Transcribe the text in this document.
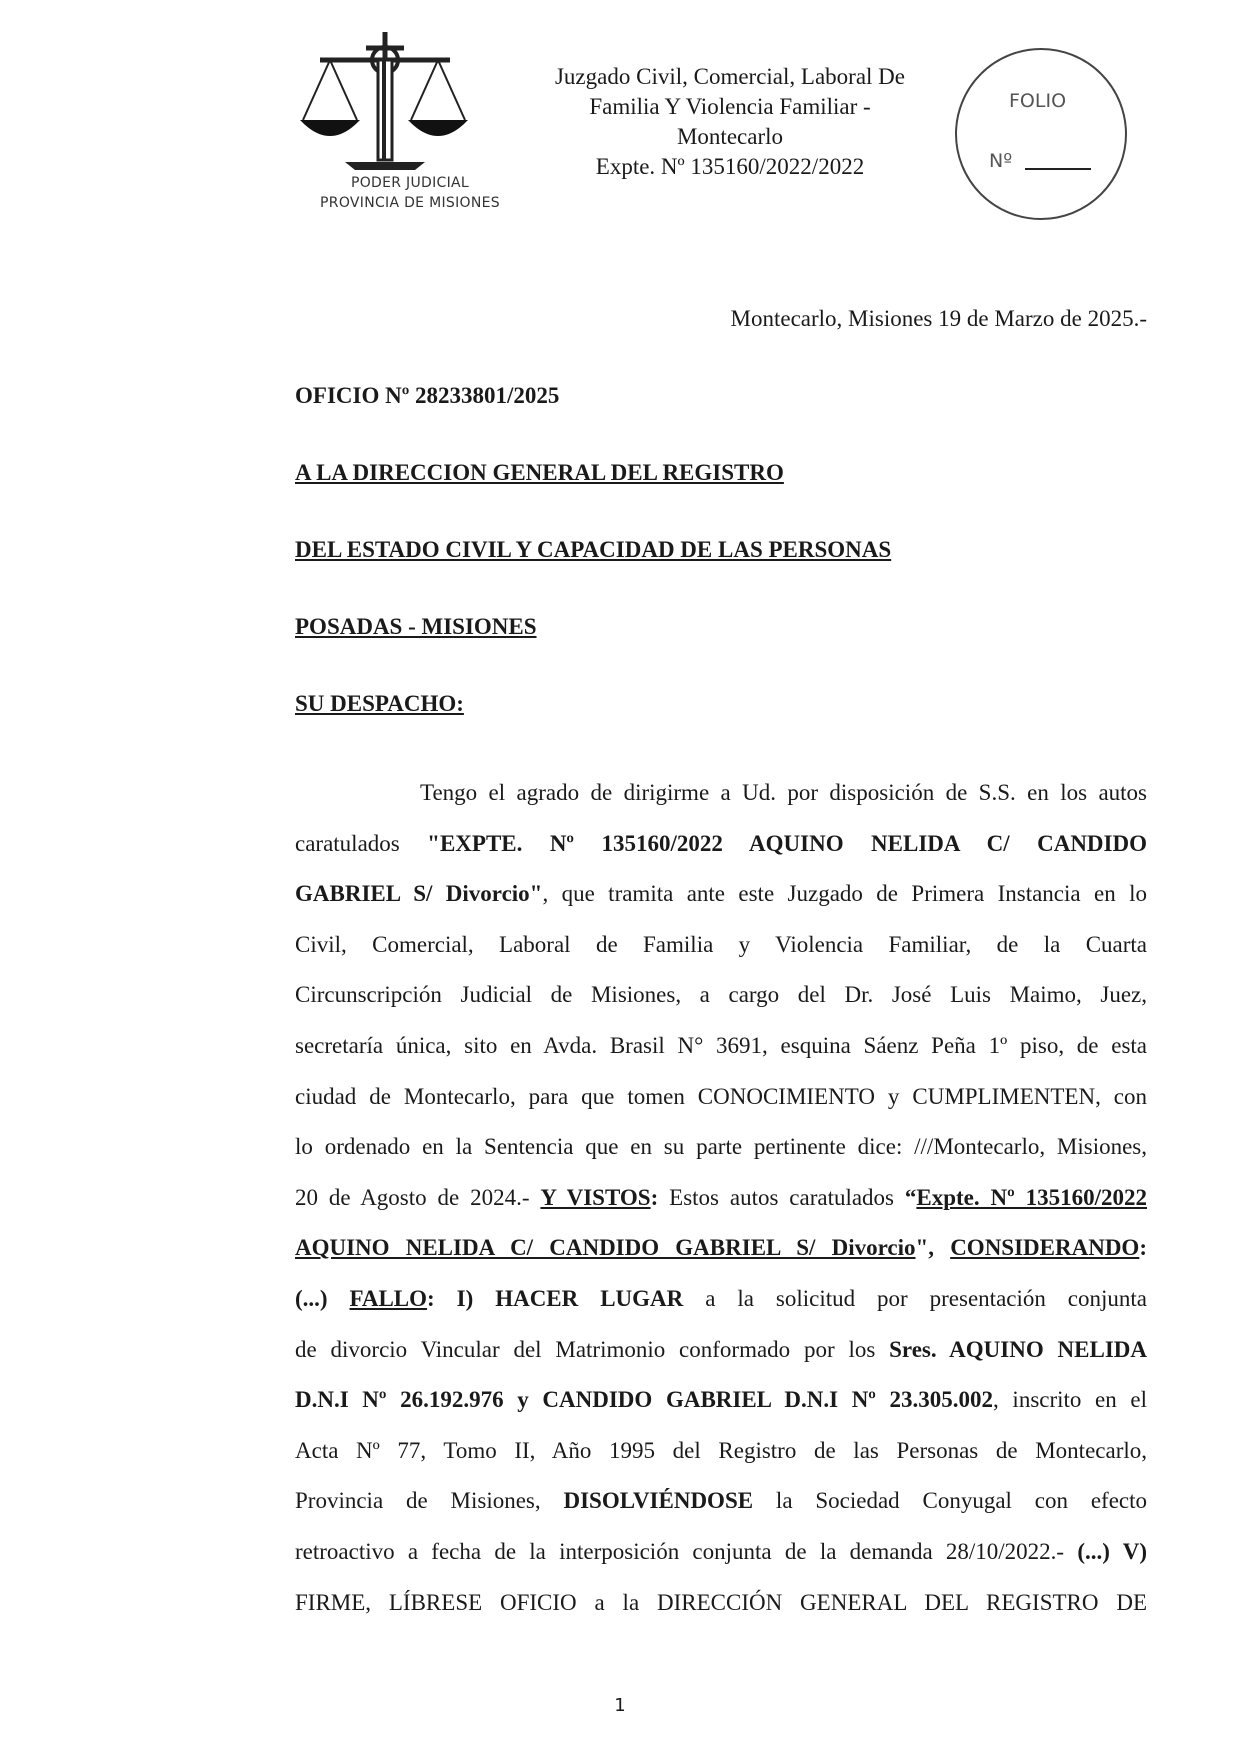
PODER JUDICIAL
PROVINCIA DE MISIONES
Juzgado Civil, Comercial, Laboral De
Familia Y Violencia Familiar -
Montecarlo
Expte. Nº 135160/2022/2022
FOLIO
Nº
Montecarlo, Misiones 19 de Marzo de 2025.-
OFICIO Nº 28233801/2025
A LA DIRECCION GENERAL DEL REGISTRO
DEL ESTADO CIVIL Y CAPACIDAD DE LAS PERSONAS
POSADAS - MISIONES
SU DESPACHO:
Tengo el agrado de dirigirme a Ud. por disposición de S.S. en los autos
caratulados "EXPTE. Nº 135160/2022 AQUINO NELIDA C/ CANDIDO
GABRIEL S/ Divorcio", que tramita ante este Juzgado de Primera Instancia en lo
Civil, Comercial, Laboral de Familia y Violencia Familiar, de la Cuarta
Circunscripción Judicial de Misiones, a cargo del Dr. José Luis Maimo, Juez,
secretaría única, sito en Avda. Brasil N° 3691, esquina Sáenz Peña 1º piso, de esta
ciudad de Montecarlo, para que tomen CONOCIMIENTO y CUMPLIMENTEN, con
lo ordenado en la Sentencia que en su parte pertinente dice: ///Montecarlo, Misiones,
20 de Agosto de 2024.- Y VISTOS: Estos autos caratulados “Expte. Nº 135160/2022
AQUINO NELIDA C/ CANDIDO GABRIEL S/ Divorcio", CONSIDERANDO:
(...) FALLO: I) HACER LUGAR a la solicitud por presentación conjunta
de divorcio Vincular del Matrimonio conformado por los Sres. AQUINO NELIDA
D.N.I Nº 26.192.976 y CANDIDO GABRIEL D.N.I Nº 23.305.002, inscrito en el
Acta Nº 77, Tomo II, Año 1995 del Registro de las Personas de Montecarlo,
Provincia de Misiones, DISOLVIÉNDOSE la Sociedad Conyugal con efecto
retroactivo a fecha de la interposición conjunta de la demanda 28/10/2022.- (...) V)
FIRME, LÍBRESE OFICIO a la DIRECCIÓN GENERAL DEL REGISTRO DE
1
